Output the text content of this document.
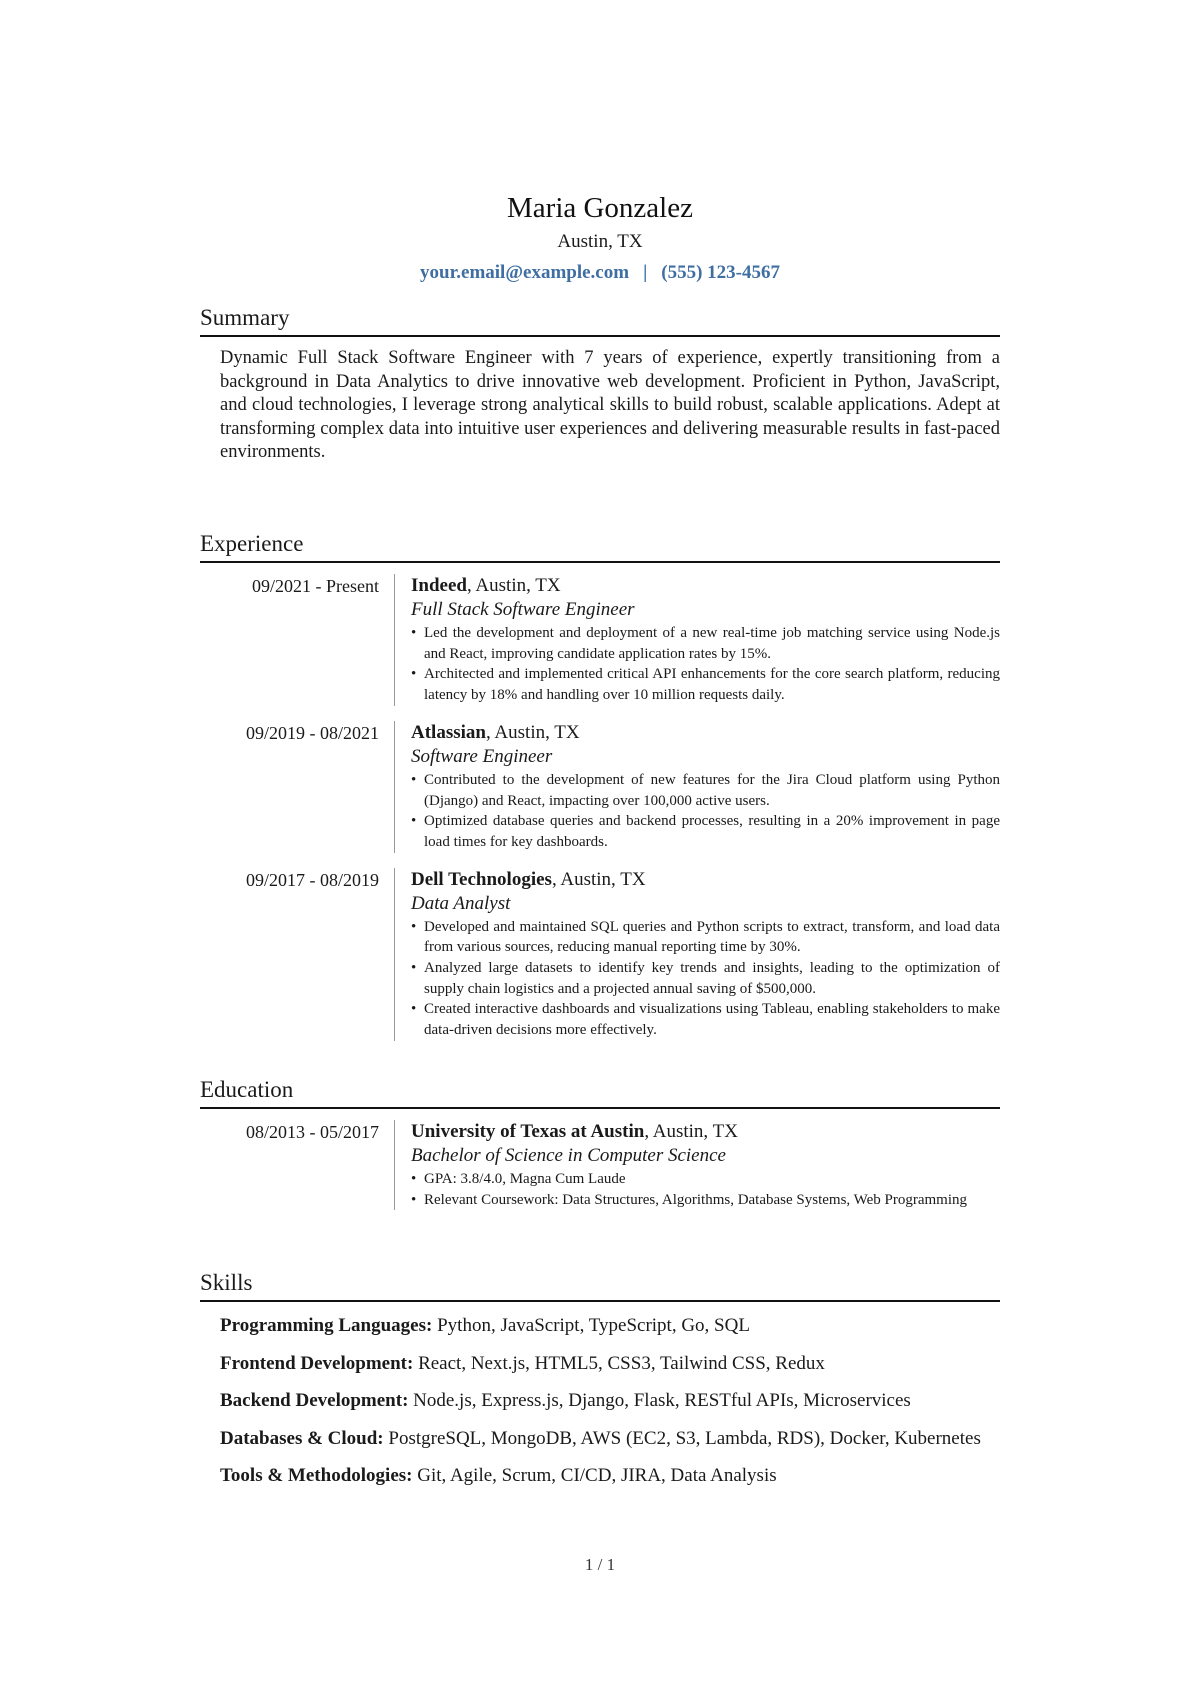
Maria Gonzalez
Austin, TX
your.email@example.com | (555) 123-4567
Summary
Dynamic Full Stack Software Engineer with 7 years of experience, expertly transitioning from a background in Data Analytics to drive innovative web development. Proficient in Python, JavaScript, and cloud technologies, I leverage strong analytical skills to build robust, scalable applications. Adept at transforming complex data into intuitive user experiences and delivering measurable results in fast-paced environments.
Experience
09/2021 - Present	Indeed, Austin, TX
Full Stack Software Engineer
• Led the development and deployment of a new real-time job matching service using Node.js and React, improving candidate application rates by 15%.
• Architected and implemented critical API enhancements for the core search platform, reducing latency by 18% and handling over 10 million requests daily.
09/2019 - 08/2021	Atlassian, Austin, TX
Software Engineer
• Contributed to the development of new features for the Jira Cloud platform using Python (Django) and React, impacting over 100,000 active users.
• Optimized database queries and backend processes, resulting in a 20% improvement in page load times for key dashboards.
09/2017 - 08/2019	Dell Technologies, Austin, TX
Data Analyst
• Developed and maintained SQL queries and Python scripts to extract, transform, and load data from various sources, reducing manual reporting time by 30%.
• Analyzed large datasets to identify key trends and insights, leading to the optimization of supply chain logistics and a projected annual saving of $500,000.
• Created interactive dashboards and visualizations using Tableau, enabling stakeholders to make data-driven decisions more effectively.
Education
08/2013 - 05/2017	University of Texas at Austin, Austin, TX
Bachelor of Science in Computer Science
• GPA: 3.8/4.0, Magna Cum Laude
• Relevant Coursework: Data Structures, Algorithms, Database Systems, Web Programming
Skills
Programming Languages: Python, JavaScript, TypeScript, Go, SQL
Frontend Development: React, Next.js, HTML5, CSS3, Tailwind CSS, Redux
Backend Development: Node.js, Express.js, Django, Flask, RESTful APIs, Microservices
Databases & Cloud: PostgreSQL, MongoDB, AWS (EC2, S3, Lambda, RDS), Docker, Kubernetes
Tools & Methodologies: Git, Agile, Scrum, CI/CD, JIRA, Data Analysis
1 / 1
